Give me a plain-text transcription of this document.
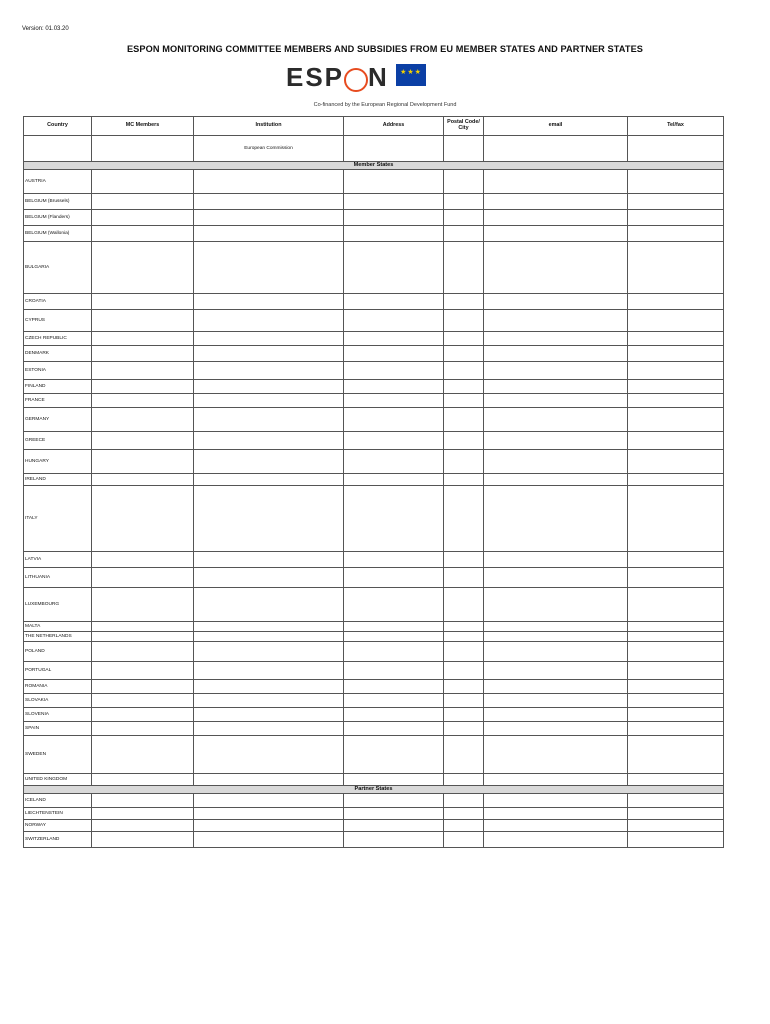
Version: 01.03.20
ESPON MONITORING COMMITTEE MEMBERS AND SUBSIDIES FROM EU MEMBER STATES AND PARTNER STATES
ESP N	★★★
Co-financed by the European Regional Development Fund
Country	MC Members	Institution	Address	Postal Code/ City	email	Tel/fax
		European Commission				
Member States						
AUSTRIA						
BELGIUM (Brussels)						
BELGIUM (Flanders)						
BELGIUM (Wallonia)						
BULGARIA						
CROATIA						
CYPRUS						
CZECH REPUBLIC						
DENMARK						
ESTONIA						
FINLAND						
FRANCE						
GERMANY						
GREECE						
HUNGARY						
IRELAND						
ITALY						
LATVIA						
LITHUANIA						
LUXEMBOURG						
MALTA						
THE NETHERLANDS						
POLAND						
PORTUGAL						
ROMANIA						
SLOVAKIA						
SLOVENIA						
SPAIN						
SWEDEN						
UNITED KINGDOM						
Partner States						
ICELAND						
LIECHTENSTEIN						
NORWAY						
SWITZERLAND						
